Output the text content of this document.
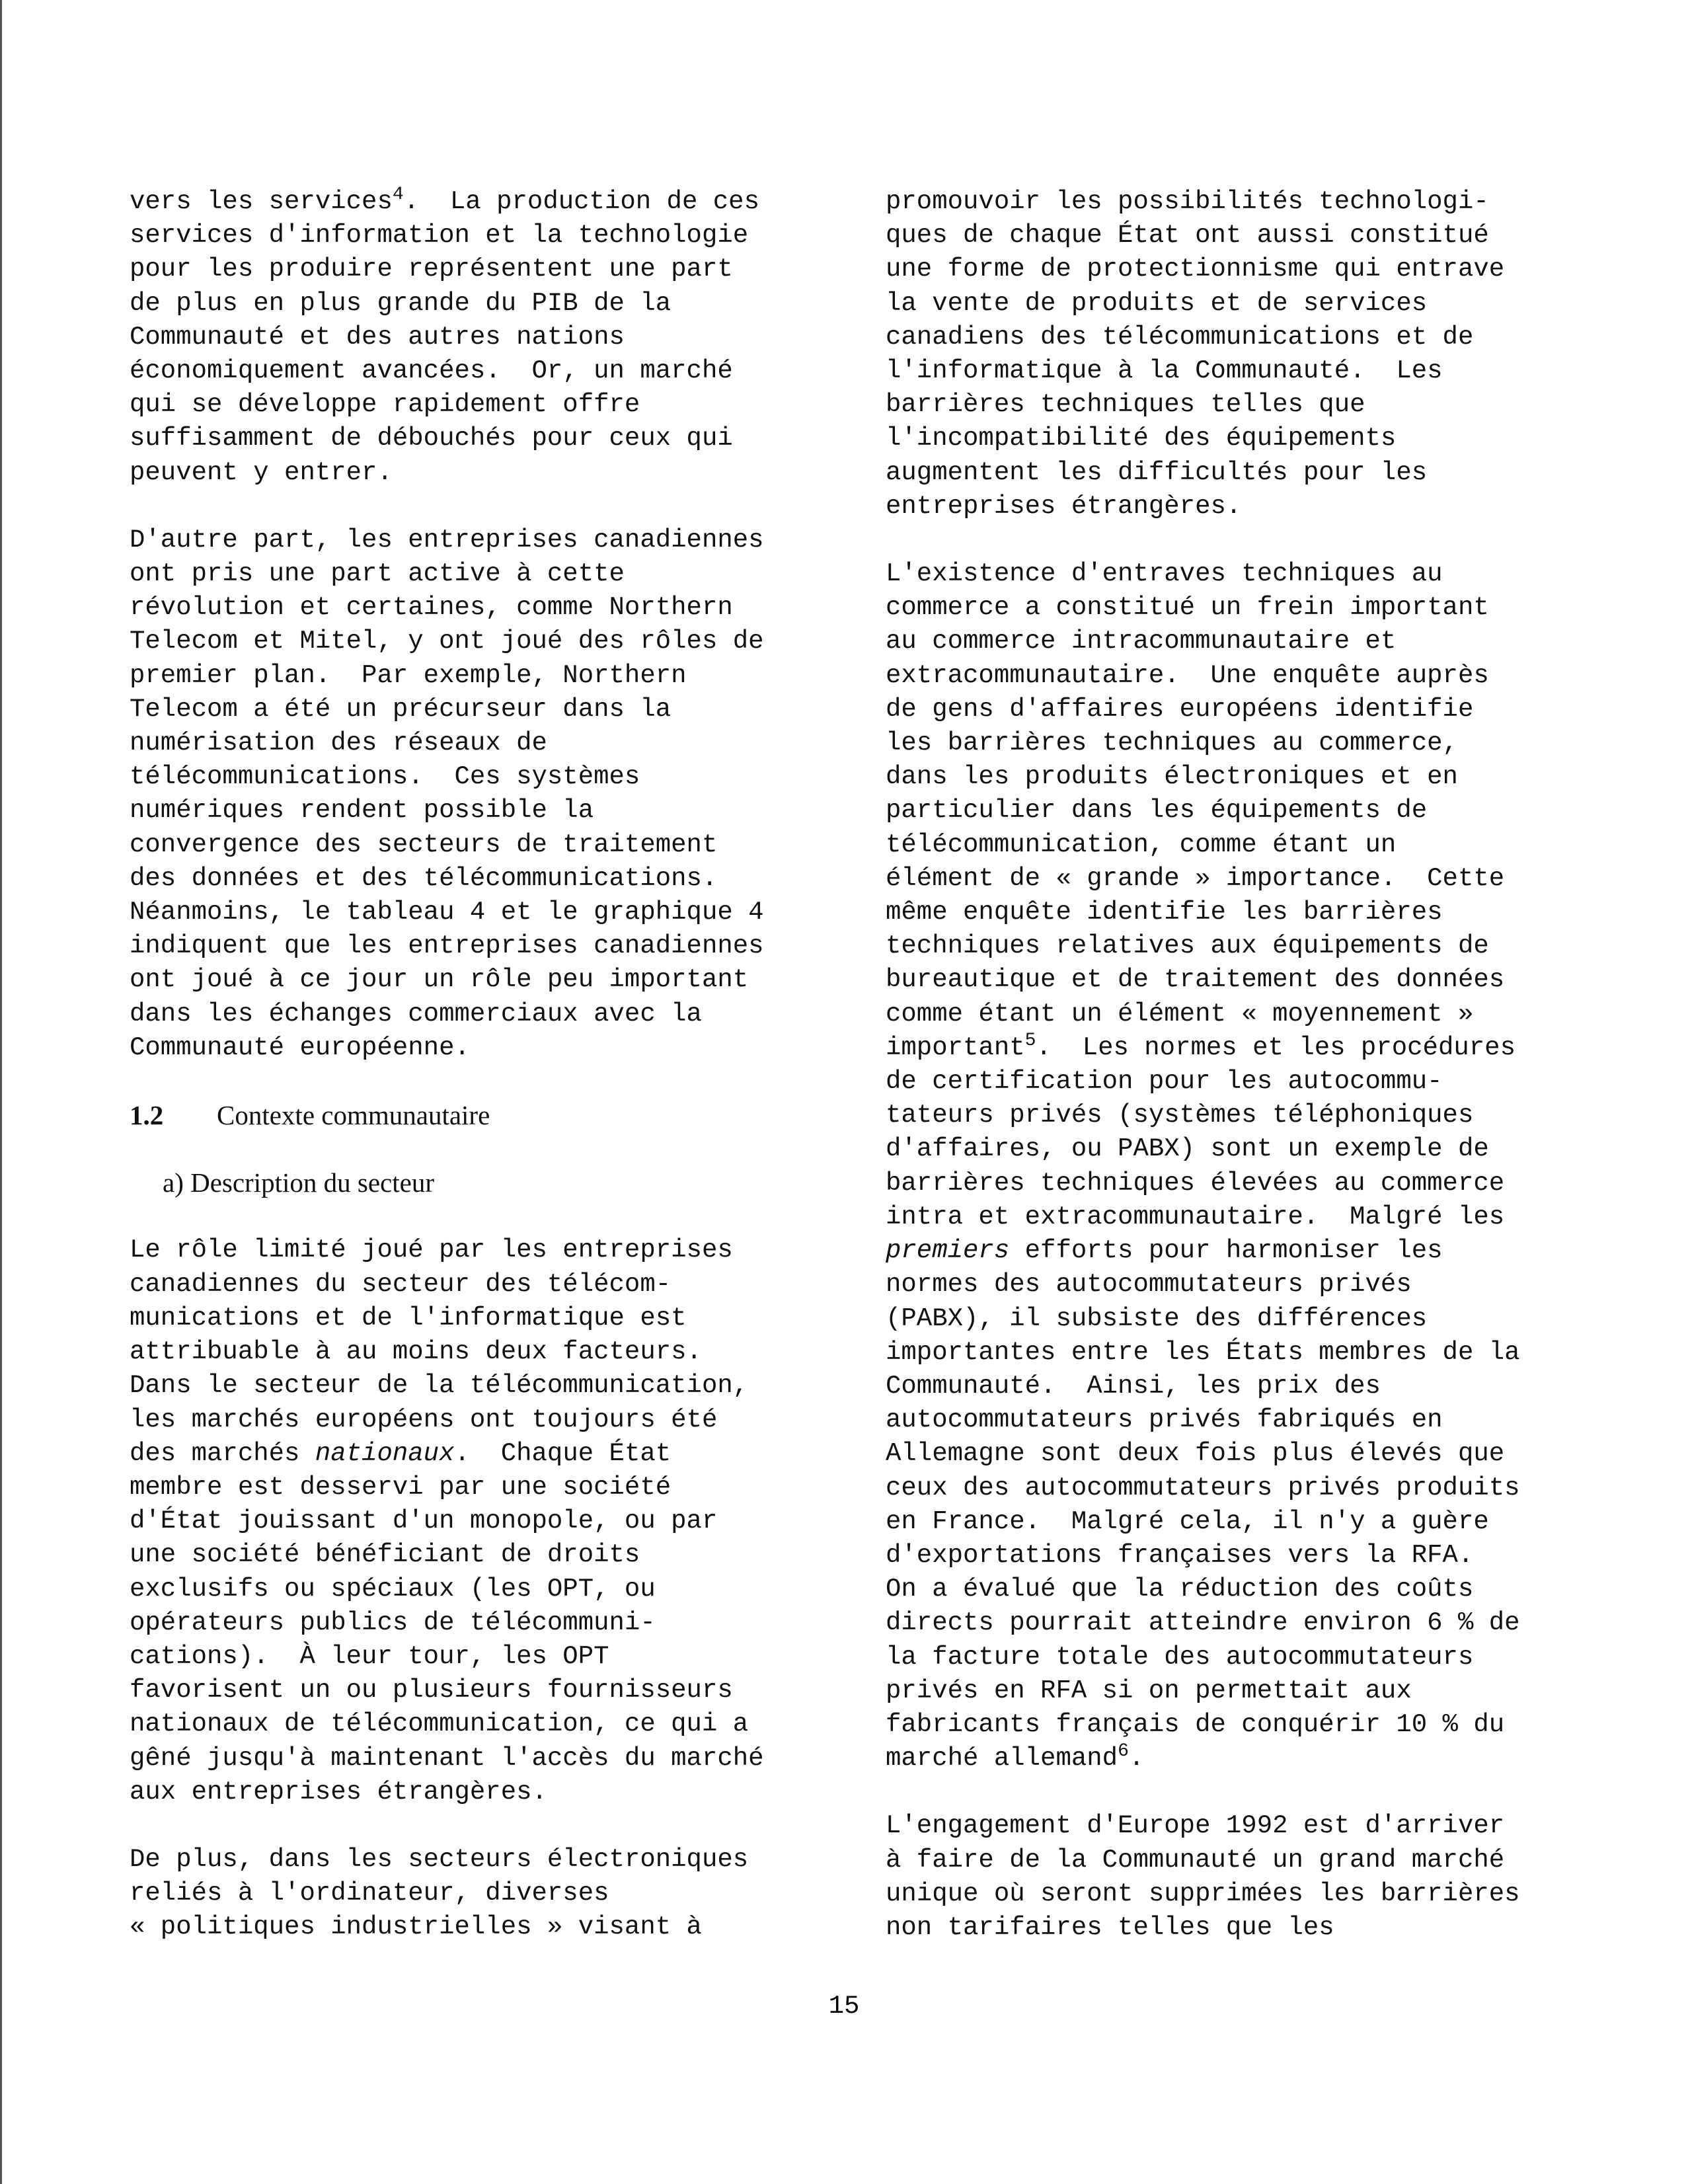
vers les services$^4$.  La production de ces
services d'information et la technologie
pour les produire représentent une part
de plus en plus grande du PIB de la
Communauté et des autres nations
économiquement avancées.  Or, un marché
qui se développe rapidement offre
suffisamment de débouchés pour ceux qui
peuvent y entrer.
D'autre part, les entreprises canadiennes
ont pris une part active à cette
révolution et certaines, comme Northern
Telecom et Mitel, y ont joué des rôles de
premier plan.  Par exemple, Northern
Telecom a été un précurseur dans la
numérisation des réseaux de
télécommunications.  Ces systèmes
numériques rendent possible la
convergence des secteurs de traitement
des données et des télécommunications.
Néanmoins, le tableau 4 et le graphique 4
indiquent que les entreprises canadiennes
ont joué à ce jour un rôle peu important
dans les échanges commerciaux avec la
Communauté européenne.
1.2 Contexte communautaire
a) Description du secteur
Le rôle limité joué par les entreprises
canadiennes du secteur des télécom-
munications et de l'informatique est
attribuable à au moins deux facteurs.
Dans le secteur de la télécommunication,
les marchés européens ont toujours été
des marchés nationaux.  Chaque État
membre est desservi par une société
d'État jouissant d'un monopole, ou par
une société bénéficiant de droits
exclusifs ou spéciaux (les OPT, ou
opérateurs publics de télécommuni-
cations).  À leur tour, les OPT
favorisent un ou plusieurs fournisseurs
nationaux de télécommunication, ce qui a
gêné jusqu'à maintenant l'accès du marché
aux entreprises étrangères.
De plus, dans les secteurs électroniques
reliés à l'ordinateur, diverses
« politiques industrielles » visant à
promouvoir les possibilités technologi-
ques de chaque État ont aussi constitué
une forme de protectionnisme qui entrave
la vente de produits et de services
canadiens des télécommunications et de
l'informatique à la Communauté.  Les
barrières techniques telles que
l'incompatibilité des équipements
augmentent les difficultés pour les
entreprises étrangères.
L'existence d'entraves techniques au
commerce a constitué un frein important
au commerce intracommunautaire et
extracommunautaire.  Une enquête auprès
de gens d'affaires européens identifie
les barrières techniques au commerce,
dans les produits électroniques et en
particulier dans les équipements de
télécommunication, comme étant un
élément de « grande » importance.  Cette
même enquête identifie les barrières
techniques relatives aux équipements de
bureautique et de traitement des données
comme étant un élément « moyennement »
important$^5$.  Les normes et les procédures
de certification pour les autocommu-
tateurs privés (systèmes téléphoniques
d'affaires, ou PABX) sont un exemple de
barrières techniques élevées au commerce
intra et extracommunautaire.  Malgré les
premiers efforts pour harmoniser les
normes des autocommutateurs privés
(PABX), il subsiste des différences
importantes entre les États membres de la
Communauté.  Ainsi, les prix des
autocommutateurs privés fabriqués en
Allemagne sont deux fois plus élevés que
ceux des autocommutateurs privés produits
en France.  Malgré cela, il n'y a guère
d'exportations françaises vers la RFA.
On a évalué que la réduction des coûts
directs pourrait atteindre environ 6 % de
la facture totale des autocommutateurs
privés en RFA si on permettait aux
fabricants français de conquérir 10 % du
marché allemand$^6$.
L'engagement d'Europe 1992 est d'arriver
à faire de la Communauté un grand marché
unique où seront supprimées les barrières
non tarifaires telles que les
15
